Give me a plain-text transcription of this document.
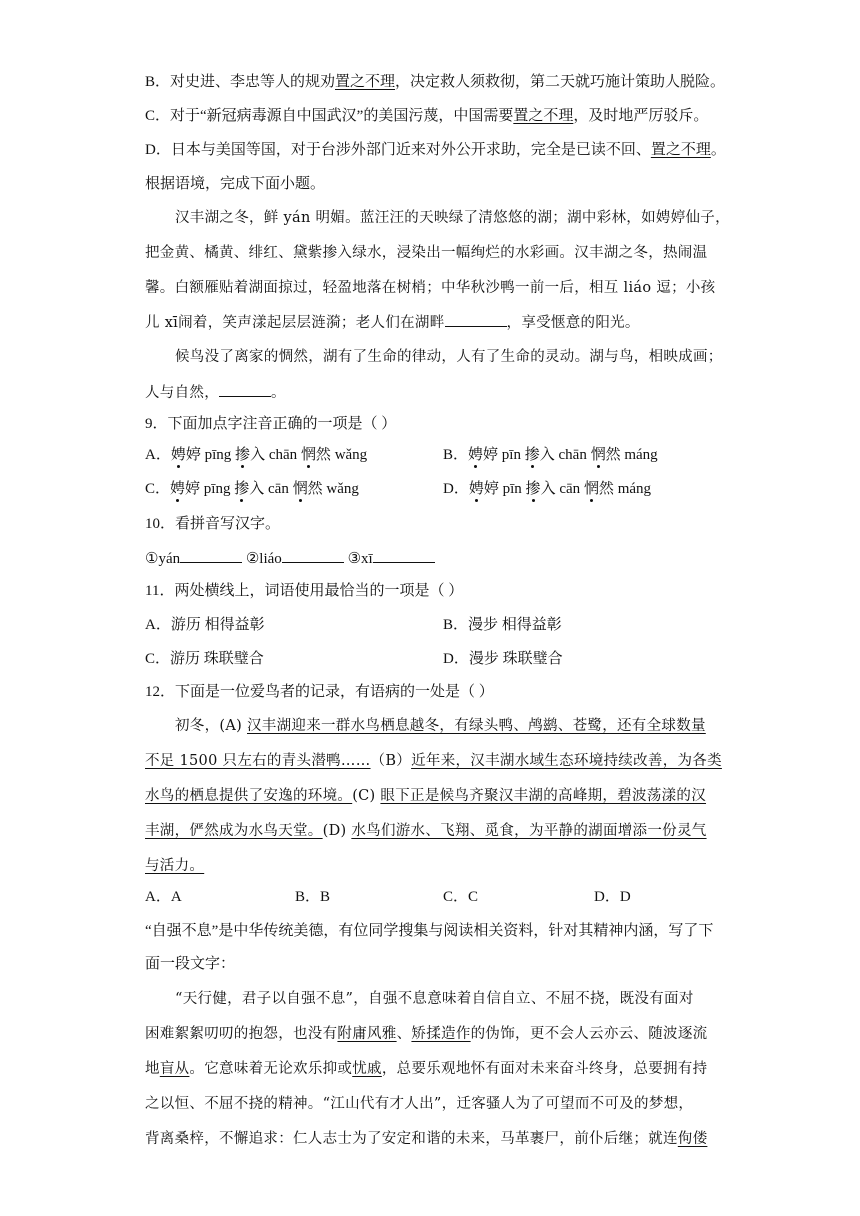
B．对史进、李忠等人的规劝置之不理，决定救人须救彻，第二天就巧施计策助人脱险。
C．对于“新冠病毒源自中国武汉”的美国污蔑，中国需要置之不理，及时地严厉驳斥。
D．日本与美国等国，对于台涉外部门近来对外公开求助，完全是已读不回、置之不理。
根据语境，完成下面小题。
汉丰湖之冬，鲜 yán 明媚。蓝汪汪的天映绿了清悠悠的湖；湖中彩林，如娉婷仙子，
把金黄、橘黄、绯红、黛紫掺入绿水，浸染出一幅绚烂的水彩画。汉丰湖之冬，热闹温
馨。白额雁贴着湖面掠过，轻盈地落在树梢；中华秋沙鸭一前一后，相互 liáo 逗；小孩
儿 xī闹着，笑声漾起层层涟漪；老人们在湖畔	，享受惬意的阳光。
候鸟没了离家的惆然，湖有了生命的律动，人有了生命的灵动。湖与鸟，相映成画；
人与自然，	。
9．下面加点字注音正确的一项是（ ）
A．娉婷 pīng 掺入 chān 惘然 wǎng	B．娉婷 pīn 掺入 chān 惘然 máng
C．娉婷 pīng 掺入 cān 惘然 wǎng	D．娉婷 pīn 掺入 cān 惘然 máng
10．看拼音写汉字。
①yán	②liáo	③xī
11．两处横线上，词语使用最恰当的一项是（ ）
A．游历 相得益彰	B．漫步 相得益彰
C．游历 珠联璧合	D．漫步 珠联璧合
12．下面是一位爱鸟者的记录，有语病的一处是（ ）
初冬，(A) 汉丰湖迎来一群水鸟栖息越冬，有绿头鸭、鸬鹚、苍鹭，还有全球数量
不足 1500 只左右的青头潜鸭……（B）近年来，汉丰湖水域生态环境持续改善，为各类
水鸟的栖息提供了安逸的环境。(C) 眼下正是候鸟齐聚汉丰湖的高峰期，碧波荡漾的汉
丰湖，俨然成为水鸟天堂。(D) 水鸟们游水、飞翔、觅食，为平静的湖面增添一份灵气
与活力。
A．A	B．B	C．C	D．D
“自强不息”是中华传统美德，有位同学搜集与阅读相关资料，针对其精神内涵，写了下
面一段文字：
“天行健，君子以自强不息”，自强不息意味着自信自立、不屈不挠，既没有面对
困难絮絮叨叨的抱怨，也没有附庸风雅、矫揉造作的伪饰，更不会人云亦云、随波逐流
地盲从。它意味着无论欢乐抑或忧戚，总要乐观地怀有面对未来奋斗终身，总要拥有持
之以恒、不屈不挠的精神。“江山代有才人出”，迁客骚人为了可望而不可及的梦想，
背离桑梓，不懈追求：仁人志士为了安定和谐的未来，马革裹尸，前仆后继；就连佝偻
